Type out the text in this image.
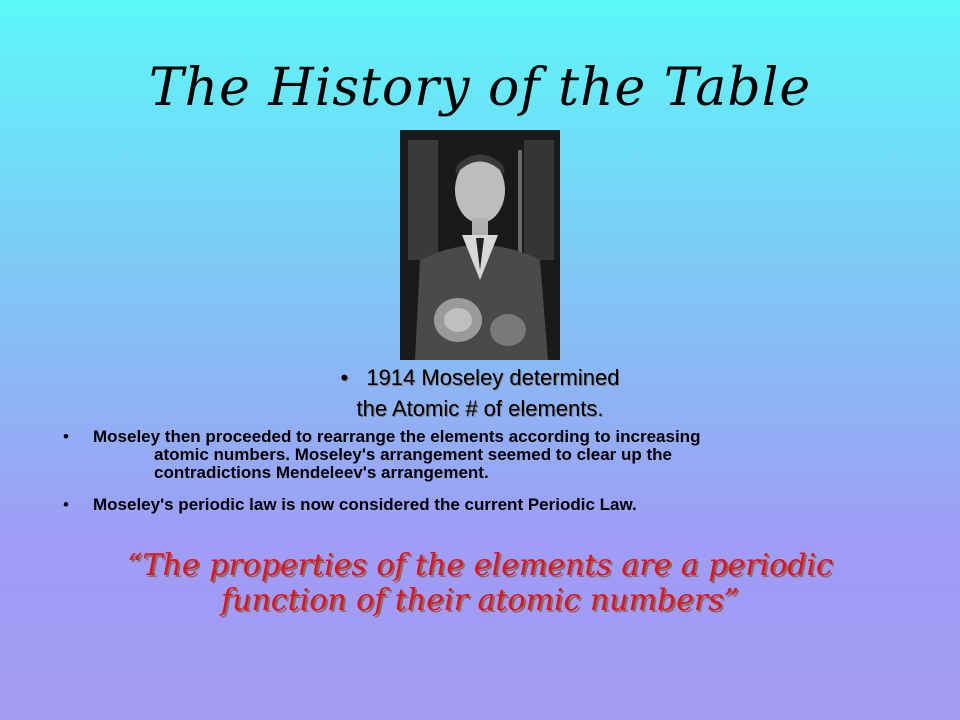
The History of the Table
• 1914 Moseley determined
the Atomic # of elements.
• Moseley then proceeded to rearrange the elements according to increasing
atomic numbers. Moseley's arrangement seemed to clear up the
contradictions Mendeleev's arrangement.
• Moseley's periodic law is now considered the current Periodic Law.
“The properties of the elements are a periodic
function of their atomic numbers”
